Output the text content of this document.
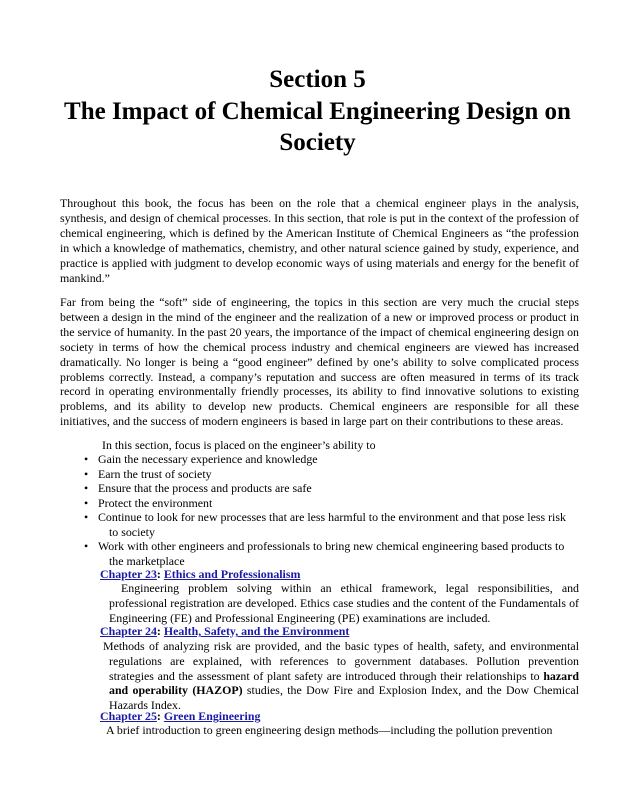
Section 5
The Impact of Chemical Engineering Design on
Society

Throughout this book, the focus has been on the role that a chemical engineer plays in the analysis, synthesis, and design of chemical processes. In this section, that role is put in the context of the profession of chemical engineering, which is defined by the American Institute of Chemical Engineers as “the profession in which a knowledge of mathematics, chemistry, and other natural science gained by study, experience, and practice is applied with judgment to develop economic ways of using materials and energy for the benefit of mankind.”

Far from being the “soft” side of engineering, the topics in this section are very much the crucial steps between a design in the mind of the engineer and the realization of a new or improved process or product in the service of humanity. In the past 20 years, the importance of the impact of chemical engineering design on society in terms of how the chemical process industry and chemical engineers are viewed has increased dramatically. No longer is being a “good engineer” defined by one’s ability to solve complicated process problems correctly. Instead, a company’s reputation and success are often measured in terms of its track record in operating environmentally friendly processes, its ability to find innovative solutions to existing problems, and its ability to develop new products. Chemical engineers are responsible for all these initiatives, and the success of modern engineers is based in large part on their contributions to these areas.

In this section, focus is placed on the engineer’s ability to
• Gain the necessary experience and knowledge
• Earn the trust of society
• Ensure that the process and products are safe
• Protect the environment
• Continue to look for new processes that are less harmful to the environment and that pose less risk
to society
• Work with other engineers and professionals to bring new chemical engineering based products to
the marketplace
Chapter 23: Ethics and Professionalism

Engineering problem solving within an ethical framework, legal responsibilities, and professional registration are developed. Ethics case studies and the content of the Fundamentals of Engineering (FE) and Professional Engineering (PE) examinations are included.

Chapter 24: Health, Safety, and the Environment

Methods of analyzing risk are provided, and the basic types of health, safety, and environmental regulations are explained, with references to government databases. Pollution prevention strategies and the assessment of plant safety are introduced through their relationships to hazard and operability (HAZOP) studies, the Dow Fire and Explosion Index, and the Dow Chemical Hazards Index.

Chapter 25: Green Engineering

A brief introduction to green engineering design methods—including the pollution prevention
